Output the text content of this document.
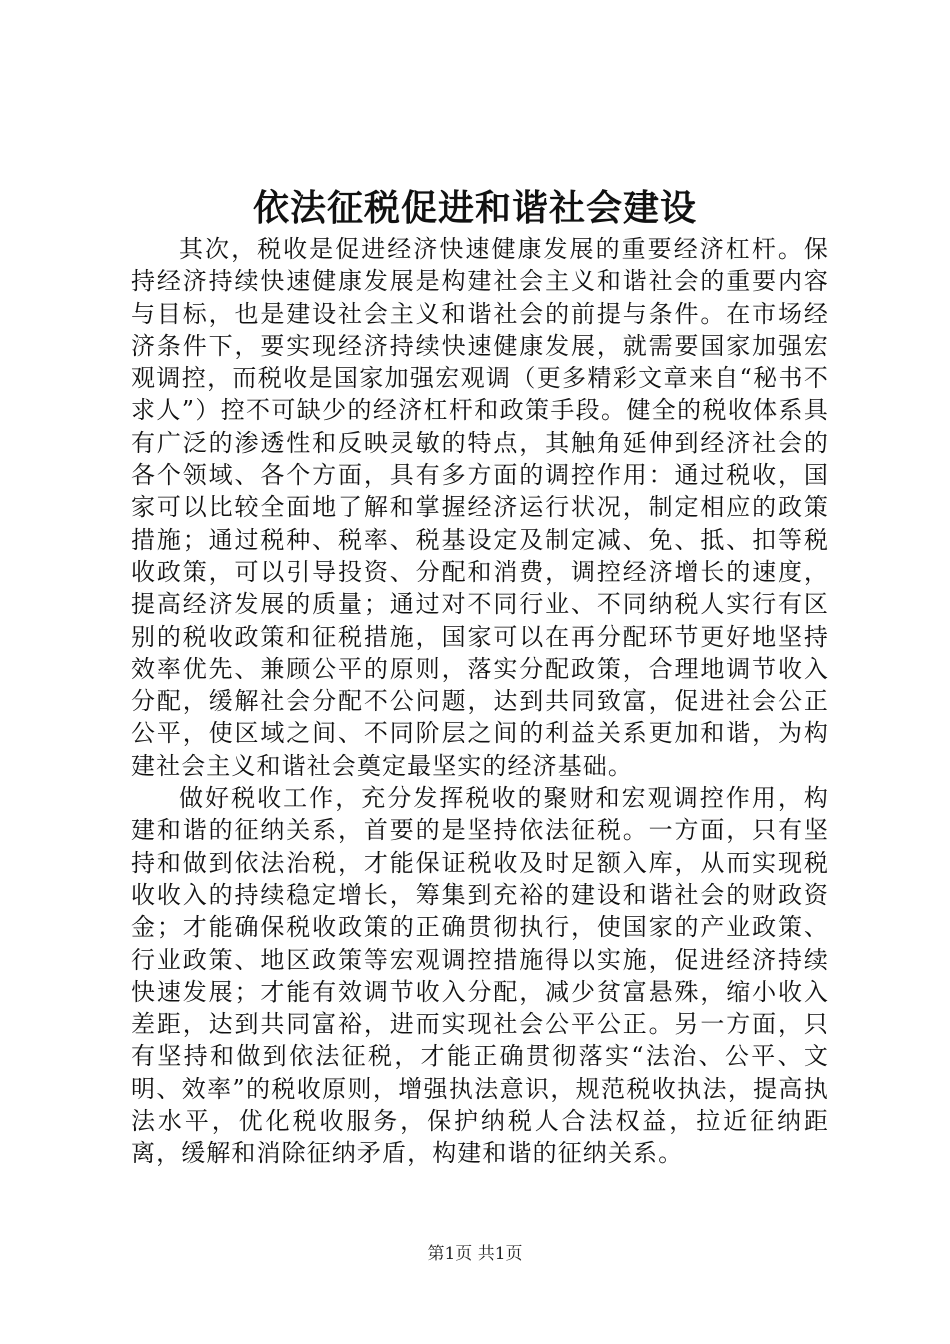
依法征税促进和谐社会建设

其次，税收是促进经济快速健康发展的重要经济杠杆。保持经济持续快速健康发展是构建社会主义和谐社会的重要内容与目标，也是建设社会主义和谐社会的前提与条件。在市场经济条件下，要实现经济持续快速健康发展，就需要国家加强宏观调控，而税收是国家加强宏观调（更多精彩文章来自“秘书不求人”）控不可缺少的经济杠杆和政策手段。健全的税收体系具有广泛的渗透性和反映灵敏的特点，其触角延伸到经济社会的各个领域、各个方面，具有多方面的调控作用：通过税收，国家可以比较全面地了解和掌握经济运行状况，制定相应的政策措施；通过税种、税率、税基设定及制定减、免、抵、扣等税收政策，可以引导投资、分配和消费，调控经济增长的速度，提高经济发展的质量；通过对不同行业、不同纳税人实行有区别的税收政策和征税措施，国家可以在再分配环节更好地坚持效率优先、兼顾公平的原则，落实分配政策，合理地调节收入分配，缓解社会分配不公问题，达到共同致富，促进社会公正公平，使区域之间、不同阶层之间的利益关系更加和谐，为构建社会主义和谐社会奠定最坚实的经济基础。

做好税收工作，充分发挥税收的聚财和宏观调控作用，构建和谐的征纳关系，首要的是坚持依法征税。一方面，只有坚持和做到依法治税，才能保证税收及时足额入库，从而实现税收收入的持续稳定增长，筹集到充裕的建设和谐社会的财政资金；才能确保税收政策的正确贯彻执行，使国家的产业政策、行业政策、地区政策等宏观调控措施得以实施，促进经济持续快速发展；才能有效调节收入分配，减少贫富悬殊，缩小收入差距，达到共同富裕，进而实现社会公平公正。另一方面，只有坚持和做到依法征税，才能正确贯彻落实“法治、公平、文明、效率”的税收原则，增强执法意识，规范税收执法，提高执法水平，优化税收服务，保护纳税人合法权益，拉近征纳距离，缓解和消除征纳矛盾，构建和谐的征纳关系。

第1页 共1页
